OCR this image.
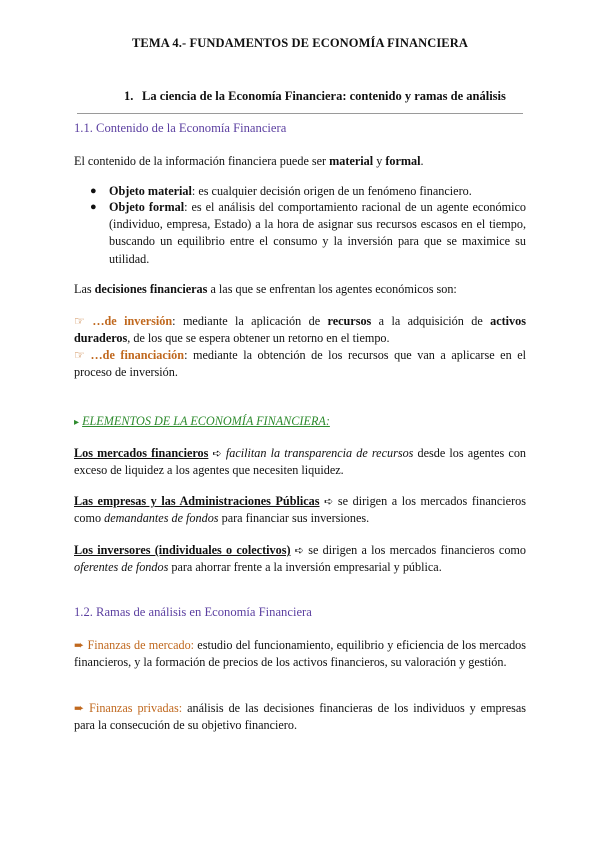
TEMA 4.- FUNDAMENTOS DE ECONOMÍA FINANCIERA
1. La ciencia de la Economía Financiera: contenido y ramas de análisis
1.1. Contenido de la Economía Financiera
El contenido de la información financiera puede ser material y formal.
● Objeto material: es cualquier decisión origen de un fenómeno financiero.
● Objeto formal: es el análisis del comportamiento racional de un agente económico (individuo, empresa, Estado) a la hora de asignar sus recursos escasos en el tiempo, buscando un equilibrio entre el consumo y la inversión para que se maximice su utilidad.
Las decisiones financieras a las que se enfrentan los agentes económicos son:
☞ …de inversión: mediante la aplicación de recursos a la adquisición de activos duraderos, de los que se espera obtener un retorno en el tiempo.
☞ …de financiación: mediante la obtención de los recursos que van a aplicarse en el proceso de inversión.
▸ ELEMENTOS DE LA ECONOMÍA FINANCIERA:
Los mercados financieros ➪ facilitan la transparencia de recursos desde los agentes con exceso de liquidez a los agentes que necesiten liquidez.
Las empresas y las Administraciones Públicas ➪ se dirigen a los mercados financieros como demandantes de fondos para financiar sus inversiones.
Los inversores (individuales o colectivos) ➪ se dirigen a los mercados financieros como oferentes de fondos para ahorrar frente a la inversión empresarial y pública.
1.2. Ramas de análisis en Economía Financiera
➨ Finanzas de mercado: estudio del funcionamiento, equilibrio y eficiencia de los mercados financieros, y la formación de precios de los activos financieros, su valoración y gestión.
➨ Finanzas privadas: análisis de las decisiones financieras de los individuos y empresas para la consecución de su objetivo financiero.
